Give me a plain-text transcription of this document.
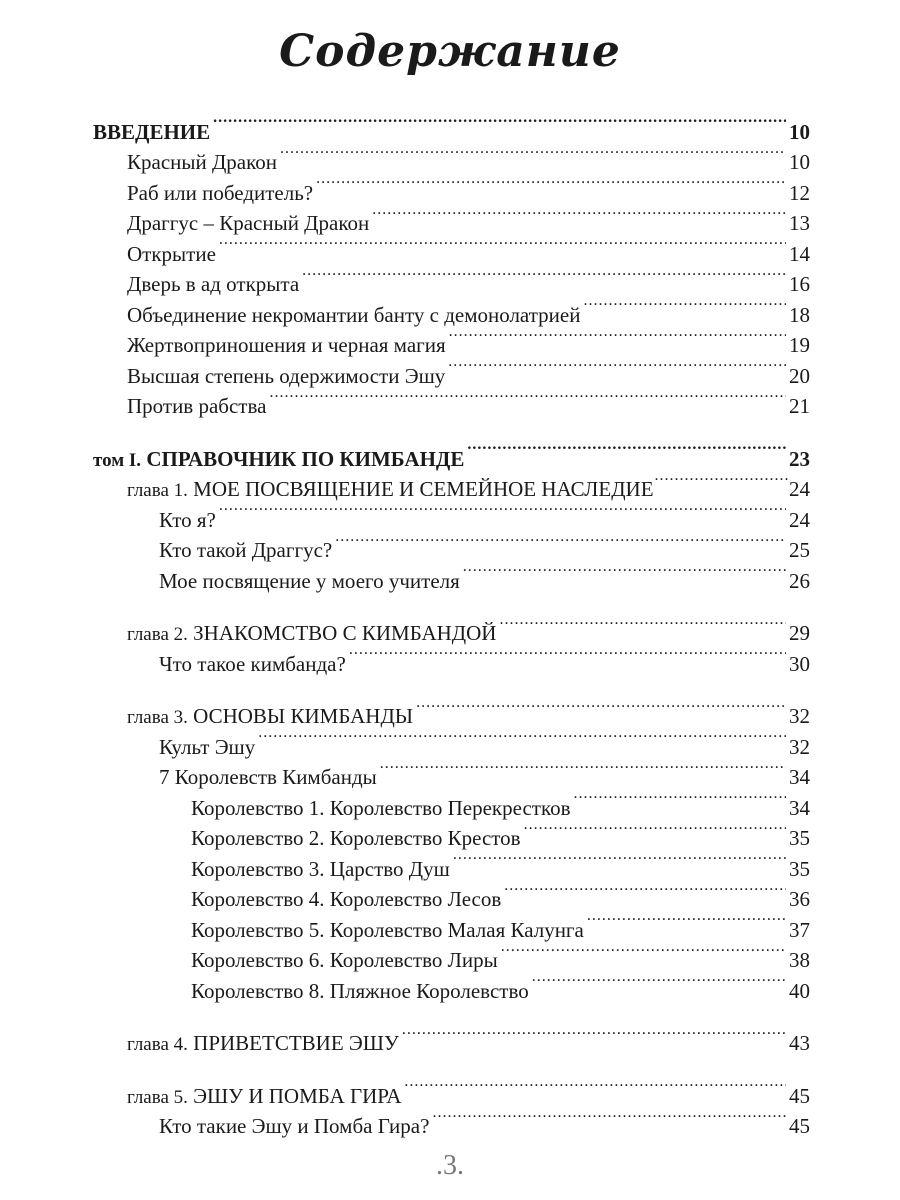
Содержание
ВВЕДЕНИЕ .....	10
Красный Дракон .....	10
Раб или победитель? .....	12
Драггус – Красный Дракон .....	13
Открытие .....	14
Дверь в ад открыта .....	16
Объединение некромантии банту с демонолатрией .....	18
Жертвоприношения и черная магия .....	19
Высшая степень одержимости Эшу .....	20
Против рабства .....	21
том I. СПРАВОЧНИК ПО КИМБАНДЕ .....	23
глава 1. МОЕ ПОСВЯЩЕНИЕ И СЕМЕЙНОЕ НАСЛЕДИЕ .....	24
Кто я? .....	24
Кто такой Драггус? .....	25
Мое посвящение у моего учителя .....	26
глава 2. ЗНАКОМСТВО С КИМБАНДОЙ .....	29
Что такое кимбанда? .....	30
глава 3. ОСНОВЫ КИМБАНДЫ .....	32
Культ Эшу .....	32
7 Королевств Кимбанды .....	34
Королевство 1. Королевство Перекрестков .....	34
Королевство 2. Королевство Крестов .....	35
Королевство 3. Царство Душ .....	35
Королевство 4. Королевство Лесов .....	36
Королевство 5. Королевство Малая Калунга .....	37
Королевство 6. Королевство Лиры .....	38
Королевство 8. Пляжное Королевство .....	40
глава 4. ПРИВЕТСТВИЕ ЭШУ .....	43
глава 5. ЭШУ И ПОМБА ГИРА .....	45
Кто такие Эшу и Помба Гира? .....	45
.3.
